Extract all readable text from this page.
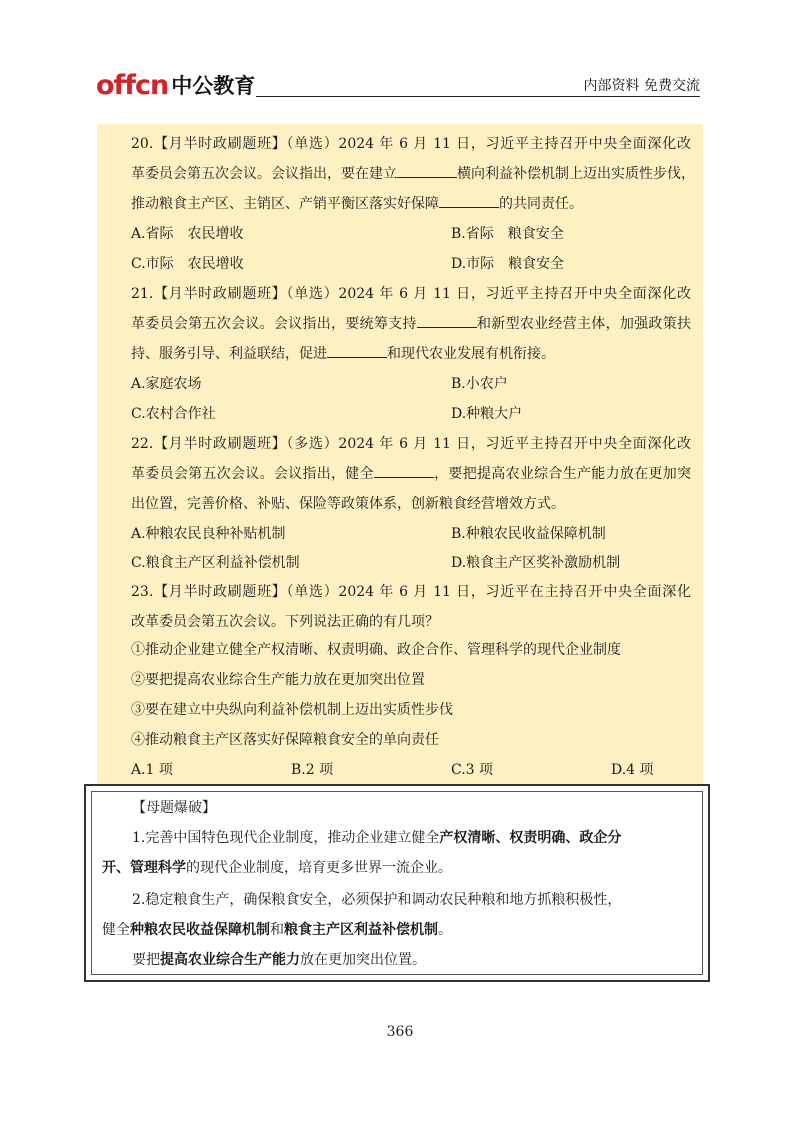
offcn 中公教育	内部资料 免费交流
20.【月半时政刷题班】（单选）2024 年 6 月 11 日，习近平主持召开中央全面深化改
革委员会第五次会议。会议指出，要在建立	横向利益补偿机制上迈出实质性步伐，
推动粮食主产区、主销区、产销平衡区落实好保障	的共同责任。
A.省际　农民增收	B.省际　粮食安全
C.市际　农民增收	D.市际　粮食安全
21.【月半时政刷题班】（单选）2024 年 6 月 11 日，习近平主持召开中央全面深化改
革委员会第五次会议。会议指出，要统筹支持	和新型农业经营主体，加强政策扶
持、服务引导、利益联结，促进	和现代农业发展有机衔接。
A.家庭农场	B.小农户
C.农村合作社	D.种粮大户
22.【月半时政刷题班】（多选）2024 年 6 月 11 日，习近平主持召开中央全面深化改
革委员会第五次会议。会议指出，健全	，要把提高农业综合生产能力放在更加突
出位置，完善价格、补贴、保险等政策体系，创新粮食经营增效方式。
A.种粮农民良种补贴机制	B.种粮农民收益保障机制
C.粮食主产区利益补偿机制	D.粮食主产区奖补激励机制
23.【月半时政刷题班】（单选）2024 年 6 月 11 日，习近平在主持召开中央全面深化
改革委员会第五次会议。下列说法正确的有几项？
①推动企业建立健全产权清晰、权责明确、政企合作、管理科学的现代企业制度
②要把提高农业综合生产能力放在更加突出位置
③要在建立中央纵向利益补偿机制上迈出实质性步伐
④推动粮食主产区落实好保障粮食安全的单向责任
A.1 项	B.2 项	C.3 项	D.4 项
【母题爆破】
1.完善中国特色现代企业制度，推动企业建立健全产权清晰、权责明确、政企分
开、管理科学的现代企业制度，培育更多世界一流企业。
2.稳定粮食生产，确保粮食安全，必须保护和调动农民种粮和地方抓粮积极性，
健全种粮农民收益保障机制和粮食主产区利益补偿机制。
要把提高农业综合生产能力放在更加突出位置。
366
